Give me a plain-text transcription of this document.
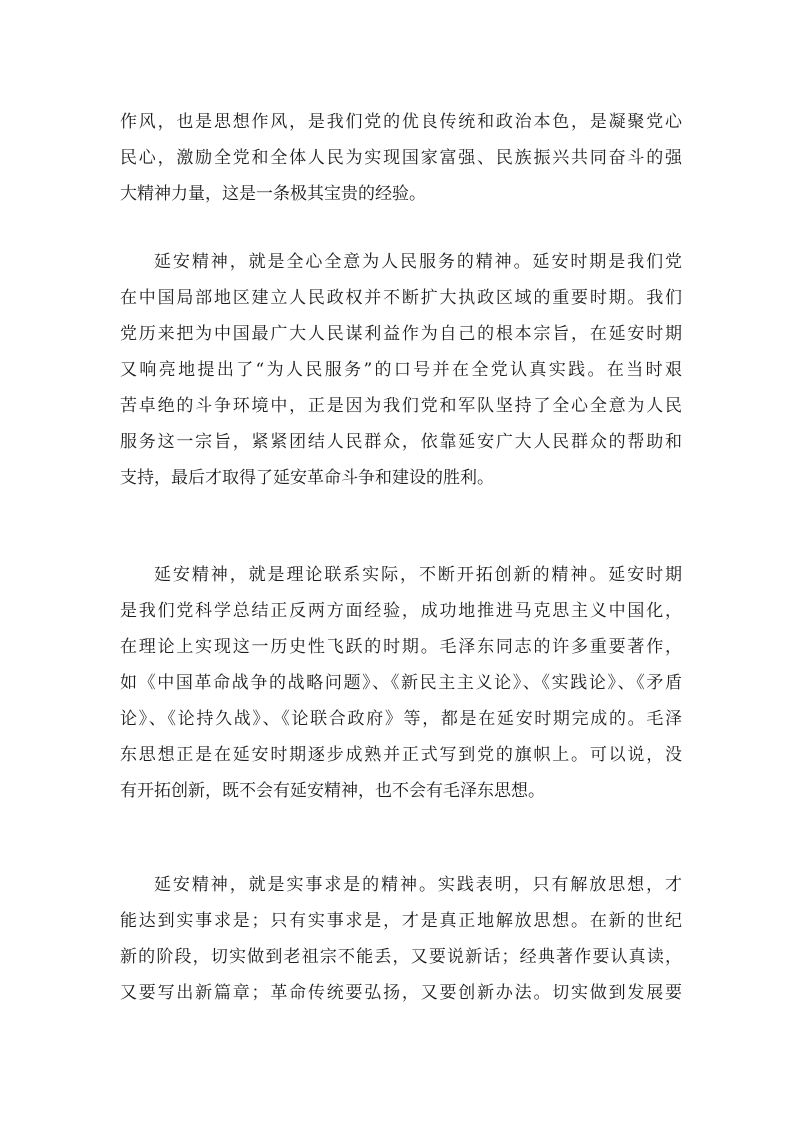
作风，也是思想作风，是我们党的优良传统和政治本色，是凝聚党心
民心，激励全党和全体人民为实现国家富强、民族振兴共同奋斗的强
大精神力量，这是一条极其宝贵的经验。
延安精神，就是全心全意为人民服务的精神。延安时期是我们党
在中国局部地区建立人民政权并不断扩大执政区域的重要时期。我们
党历来把为中国最广大人民谋利益作为自己的根本宗旨，在延安时期
又响亮地提出了“为人民服务”的口号并在全党认真实践。在当时艰
苦卓绝的斗争环境中，正是因为我们党和军队坚持了全心全意为人民
服务这一宗旨，紧紧团结人民群众，依靠延安广大人民群众的帮助和
支持，最后才取得了延安革命斗争和建设的胜利。
延安精神，就是理论联系实际，不断开拓创新的精神。延安时期
是我们党科学总结正反两方面经验，成功地推进马克思主义中国化，
在理论上实现这一历史性飞跃的时期。毛泽东同志的许多重要著作，
如《中国革命战争的战略问题》、《新民主主义论》、《实践论》、《矛盾
论》、《论持久战》、《论联合政府》等，都是在延安时期完成的。毛泽
东思想正是在延安时期逐步成熟并正式写到党的旗帜上。可以说，没
有开拓创新，既不会有延安精神，也不会有毛泽东思想。
延安精神，就是实事求是的精神。实践表明，只有解放思想，才
能达到实事求是；只有实事求是，才是真正地解放思想。在新的世纪
新的阶段，切实做到老祖宗不能丢，又要说新话；经典著作要认真读，
又要写出新篇章；革命传统要弘扬，又要创新办法。切实做到发展要
